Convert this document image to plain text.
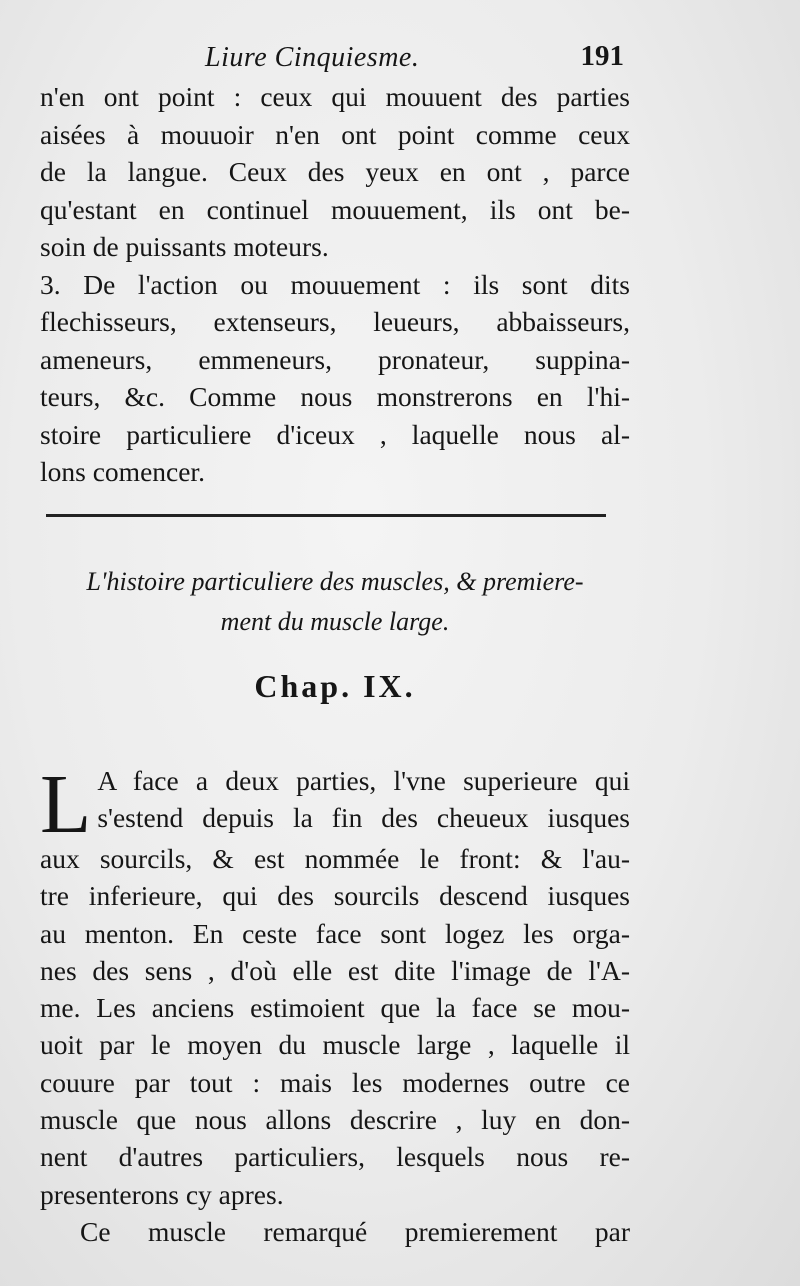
Liure Cinquiesme.	191
n'en ont point : ceux qui mouuent des parties
aisées à mouuoir n'en ont point comme ceux
de la langue. Ceux des yeux en ont , parce
qu'estant en continuel mouuement, ils ont be-
soin de puissants moteurs.
3. De l'action ou mouuement : ils sont dits
flechisseurs, extenseurs, leueurs, abbaisseurs,
ameneurs, emmeneurs, pronateur, suppina-
teurs, &c. Comme nous monstrerons en l'hi-
stoire particuliere d'iceux , laquelle nous al-
lons comencer.
L'histoire particuliere des muscles, & premiere-
ment du muscle large.
Chap. IX.
L A face a deux parties, l'vne superieure qui
s'estend depuis la fin des cheueux iusques
aux sourcils, & est nommée le front: & l'au-
tre inferieure, qui des sourcils descend iusques
au menton. En ceste face sont logez les orga-
nes des sens , d'où elle est dite l'image de l'A-
me. Les anciens estimoient que la face se mou-
uoit par le moyen du muscle large , laquelle il
couure par tout : mais les modernes outre ce
muscle que nous allons descrire , luy en don-
nent d'autres particuliers, lesquels nous re-
presenterons cy apres.
Ce muscle remarqué premierement par
